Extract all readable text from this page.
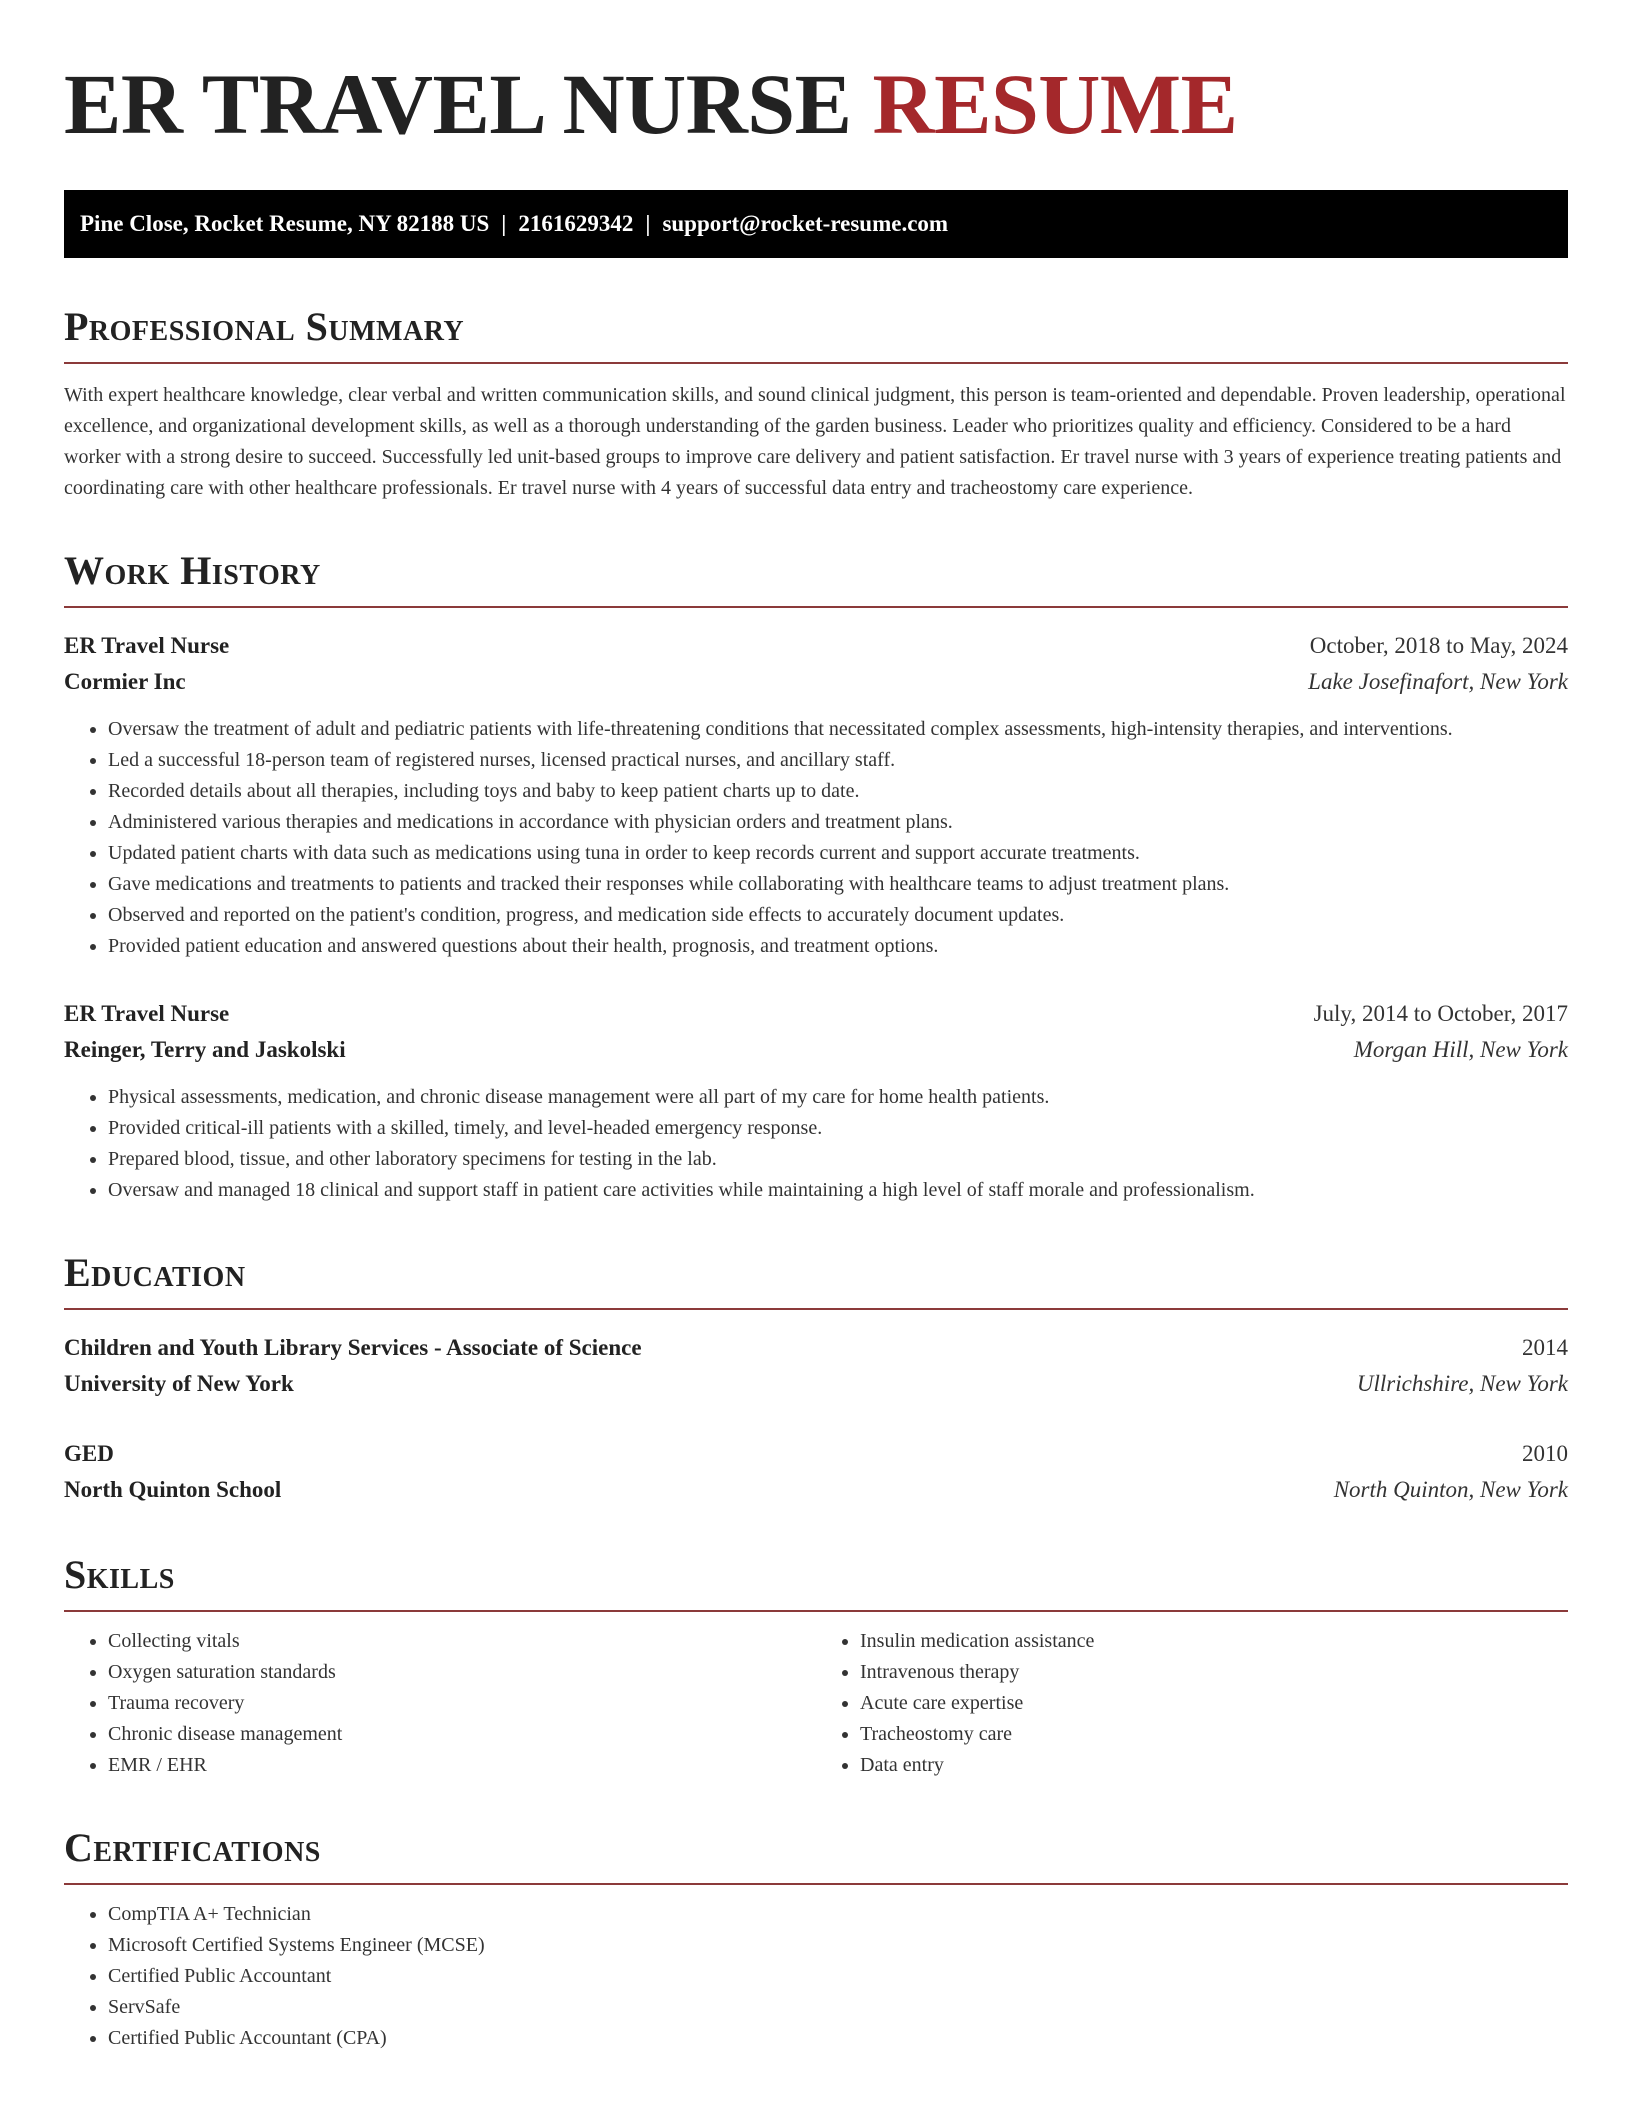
ER TRAVEL NURSE RESUME
Pine Close, Rocket Resume, NY 82188 US | 2161629342 | support@rocket-resume.com
Professional Summary

With expert healthcare knowledge, clear verbal and written communication skills, and sound clinical judgment, this person is team-oriented and dependable. Proven leadership, operational excellence, and organizational development skills, as well as a thorough understanding of the garden business. Leader who prioritizes quality and efficiency. Considered to be a hard worker with a strong desire to succeed. Successfully led unit-based groups to improve care delivery and patient satisfaction. Er travel nurse with 3 years of experience treating patients and coordinating care with other healthcare professionals. Er travel nurse with 4 years of successful data entry and tracheostomy care experience.

Work History
ER Travel Nurse	October, 2018 to May, 2024
Cormier Inc	Lake Josefinafort, New York
• Oversaw the treatment of adult and pediatric patients with life-threatening conditions that necessitated complex assessments, high-intensity therapies, and interventions.
• Led a successful 18-person team of registered nurses, licensed practical nurses, and ancillary staff.
• Recorded details about all therapies, including toys and baby to keep patient charts up to date.
• Administered various therapies and medications in accordance with physician orders and treatment plans.
• Updated patient charts with data such as medications using tuna in order to keep records current and support accurate treatments.
• Gave medications and treatments to patients and tracked their responses while collaborating with healthcare teams to adjust treatment plans.
• Observed and reported on the patient's condition, progress, and medication side effects to accurately document updates.
• Provided patient education and answered questions about their health, prognosis, and treatment options.
ER Travel Nurse	July, 2014 to October, 2017
Reinger, Terry and Jaskolski	Morgan Hill, New York
• Physical assessments, medication, and chronic disease management were all part of my care for home health patients.
• Provided critical-ill patients with a skilled, timely, and level-headed emergency response.
• Prepared blood, tissue, and other laboratory specimens for testing in the lab.
• Oversaw and managed 18 clinical and support staff in patient care activities while maintaining a high level of staff morale and professionalism.
Education
Children and Youth Library Services - Associate of Science	2014
University of New York	Ullrichshire, New York
GED	2010
North Quinton School	North Quinton, New York
Skills
• Collecting vitals
• Oxygen saturation standards
• Trauma recovery
• Chronic disease management
• EMR / EHR
• Insulin medication assistance
• Intravenous therapy
• Acute care expertise
• Tracheostomy care
• Data entry
Certifications
• CompTIA A+ Technician
• Microsoft Certified Systems Engineer (MCSE)
• Certified Public Accountant
• ServSafe
• Certified Public Accountant (CPA)
